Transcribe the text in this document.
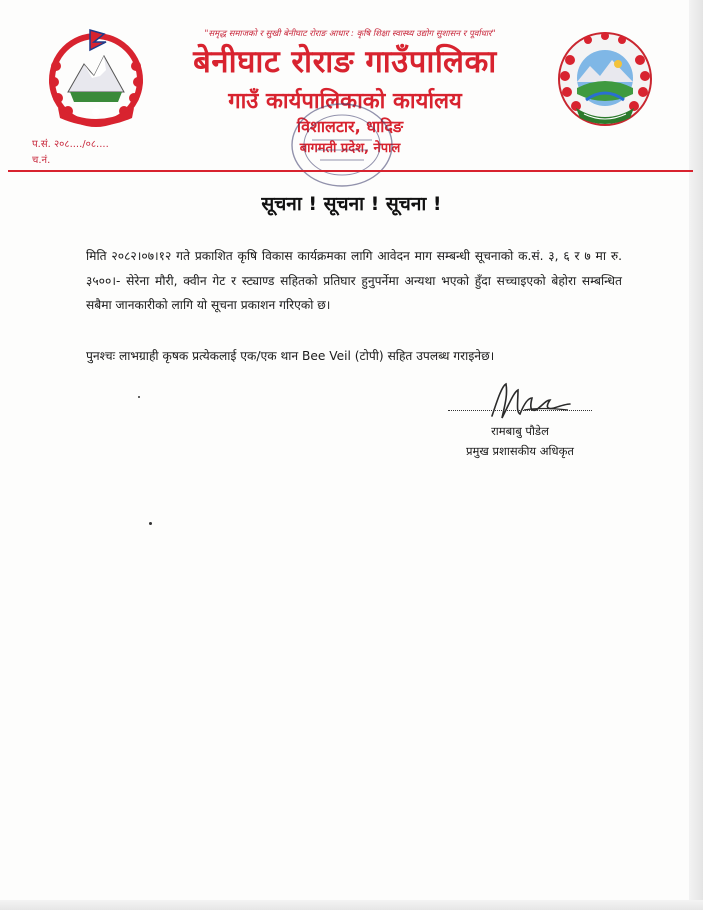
"समृद्ध समाजको र सुखी बेनीघाट रोराङ आधार : कृषि शिक्षा स्वास्थ्य उद्योग सुशासन र पूर्वाधार"
बेनीघाट रोराङ गाउँपालिका
गाउँ कार्यपालिकाको कार्यालय
विशालटार, धादिङ
बागमती प्रदेश, नेपाल
प.सं. २०८..../०८....
च.नं.
सूचना ! सूचना ! सूचना !
मिति २०८२।०७।१२ गते प्रकाशित कृषि विकास कार्यक्रमका लागि आवेदन माग सम्बन्धी सूचनाको क.सं. ३, ६ र ७ मा रु. ३५००।- सेरेना मौरी, क्वीन गेट र स्ट्याण्ड सहितको प्रतिघार हुनुपर्नेमा अन्यथा भएको हुँदा सच्चाइएको बेहोरा सम्बन्धित सबैमा जानकारीको लागि यो सूचना प्रकाशन गरिएको छ।
पुनश्चः लाभग्राही कृषक प्रत्येकलाई एक/एक थान Bee Veil (टोपी) सहित उपलब्ध गराइनेछ।
रामबाबु पौडेल
प्रमुख प्रशासकीय अधिकृत
